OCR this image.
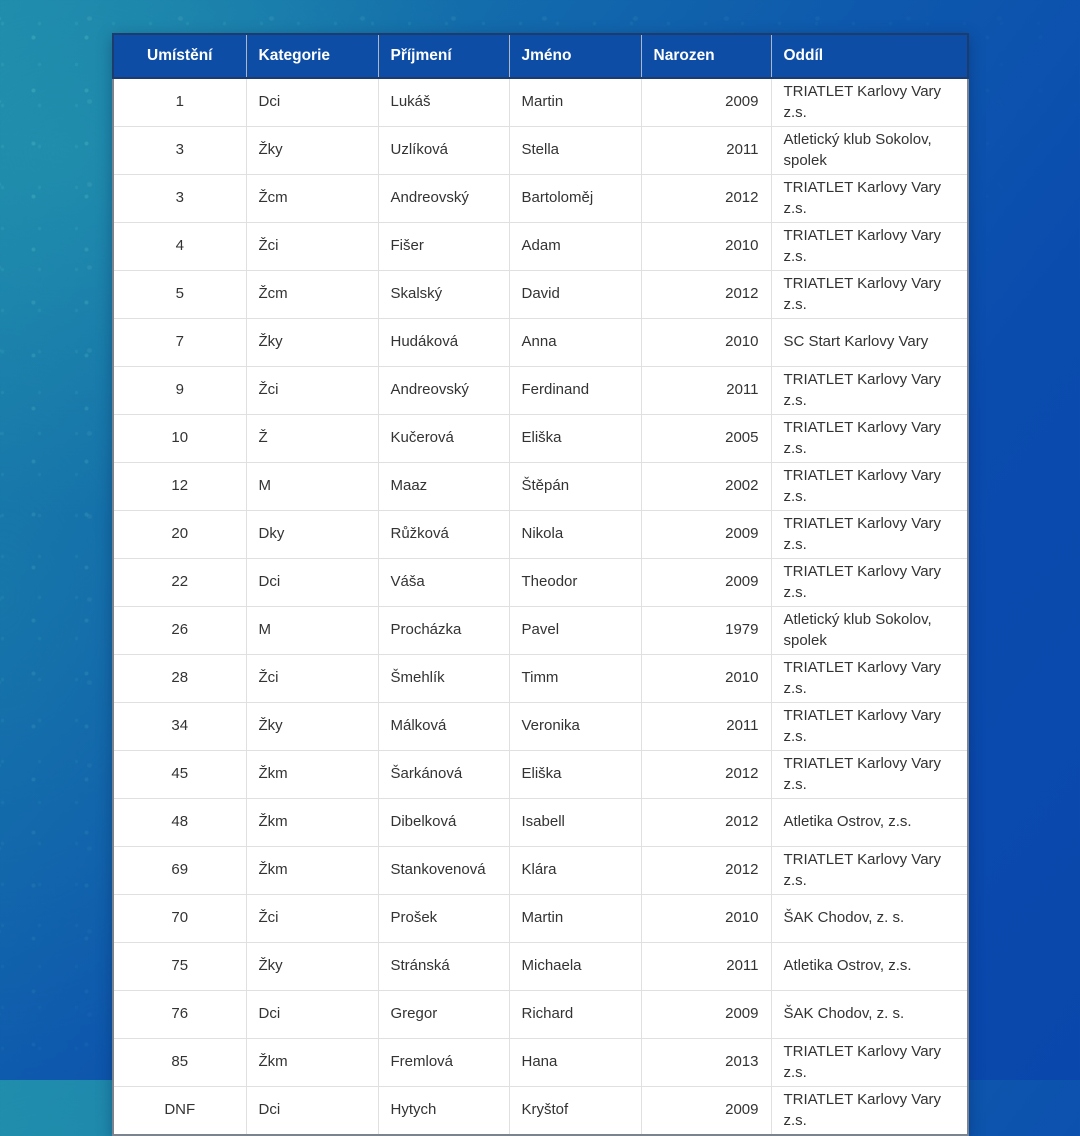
Umístění	Kategorie	Příjmení	Jméno	Narozen	Oddíl
1	Dci	Lukáš	Martin	2009	TRIATLET Karlovy Vary z.s.
3	Žky	Uzlíková	Stella	2011	Atletický klub Sokolov, spolek
3	Žcm	Andreovský	Bartoloměj	2012	TRIATLET Karlovy Vary z.s.
4	Žci	Fišer	Adam	2010	TRIATLET Karlovy Vary z.s.
5	Žcm	Skalský	David	2012	TRIATLET Karlovy Vary z.s.
7	Žky	Hudáková	Anna	2010	SC Start Karlovy Vary
9	Žci	Andreovský	Ferdinand	2011	TRIATLET Karlovy Vary z.s.
10	Ž	Kučerová	Eliška	2005	TRIATLET Karlovy Vary z.s.
12	M	Maaz	Štěpán	2002	TRIATLET Karlovy Vary z.s.
20	Dky	Růžková	Nikola	2009	TRIATLET Karlovy Vary z.s.
22	Dci	Váša	Theodor	2009	TRIATLET Karlovy Vary z.s.
26	M	Procházka	Pavel	1979	Atletický klub Sokolov, spolek
28	Žci	Šmehlík	Timm	2010	TRIATLET Karlovy Vary z.s.
34	Žky	Málková	Veronika	2011	TRIATLET Karlovy Vary z.s.
45	Žkm	Šarkánová	Eliška	2012	TRIATLET Karlovy Vary z.s.
48	Žkm	Dibelková	Isabell	2012	Atletika Ostrov, z.s.
69	Žkm	Stankovenová	Klára	2012	TRIATLET Karlovy Vary z.s.
70	Žci	Prošek	Martin	2010	ŠAK Chodov, z. s.
75	Žky	Stránská	Michaela	2011	Atletika Ostrov, z.s.
76	Dci	Gregor	Richard	2009	ŠAK Chodov, z. s.
85	Žkm	Fremlová	Hana	2013	TRIATLET Karlovy Vary z.s.
DNF	Dci	Hytych	Kryštof	2009	TRIATLET Karlovy Vary z.s.
